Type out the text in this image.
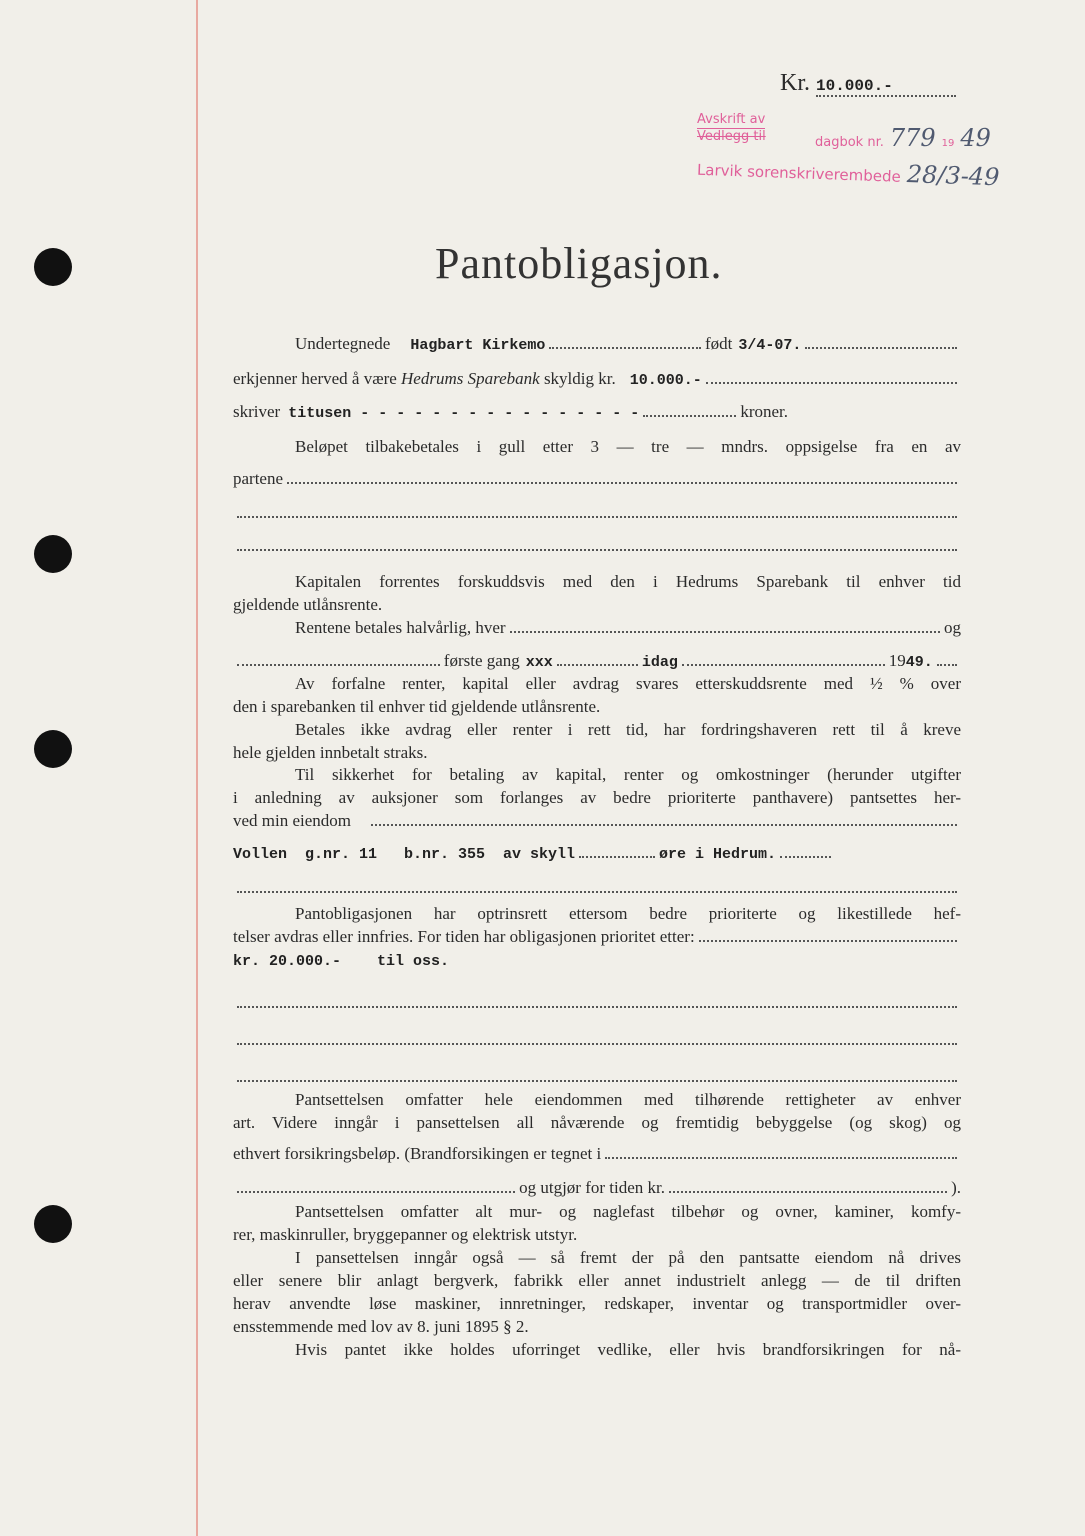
Kr. 10.000.-
Avskrift av
Vedlegg til	dagbok nr. 779 19 49
Larvik sorenskriverembede 28/3-49
Pantobligasjon.
Undertegnede Hagbart Kirkemo	født 3/4-07.
erkjenner herved å være
Hedrums Sparebank
skyldig kr. 10.000.-
skriver titusen - - - - - - - - - - - - - - - -	kroner.
Beløpet tilbakebetales i gull etter 3 — tre — mndrs. oppsigelse fra en av
partene
Kapitalen forrentes forskuddsvis med den i Hedrums Sparebank til enhver tid
gjeldende utlånsrente.
Rentene betales halvårlig, hver	og
første gang xxx	idag	19 49.
Av forfalne renter, kapital eller avdrag svares etterskuddsrente med ½ % over
den i sparebanken til enhver tid gjeldende utlånsrente.
Betales ikke avdrag eller renter i rett tid, har fordringshaveren rett til å kreve
hele gjelden innbetalt straks.
Til sikkerhet for betaling av kapital, renter og omkostninger (herunder utgifter
i anledning av auksjoner som forlanges av bedre prioriterte panthavere) pantsettes her-
ved min eiendom
Vollen  g.nr. 11   b.nr. 355  av skyll	øre i Hedrum.
Pantobligasjonen har optrinsrett ettersom bedre prioriterte og likestillede hef-
telser avdras eller innfries. For tiden har obligasjonen prioritet etter:
kr. 20.000.-    til oss.
Pantsettelsen omfatter hele eiendommen med tilhørende rettigheter av enhver
art. Videre inngår i pansettelsen all nåværende og fremtidig bebyggelse (og skog) og
ethvert forsikringsbeløp. (Brandforsikingen er tegnet i
og utgjør for tiden kr.	).
Pantsettelsen omfatter alt mur- og naglefast tilbehør og ovner, kaminer, komfy-
rer, maskinruller, bryggepanner og elektrisk utstyr.
I pansettelsen inngår også — så fremt der på den pantsatte eiendom nå drives
eller senere blir anlagt bergverk, fabrikk eller annet industrielt anlegg — de til driften
herav anvendte løse maskiner, innretninger, redskaper, inventar og transportmidler over-
ensstemmende med lov av 8. juni 1895 § 2.
Hvis pantet ikke holdes uforringet vedlike, eller hvis brandforsikringen for nå-
